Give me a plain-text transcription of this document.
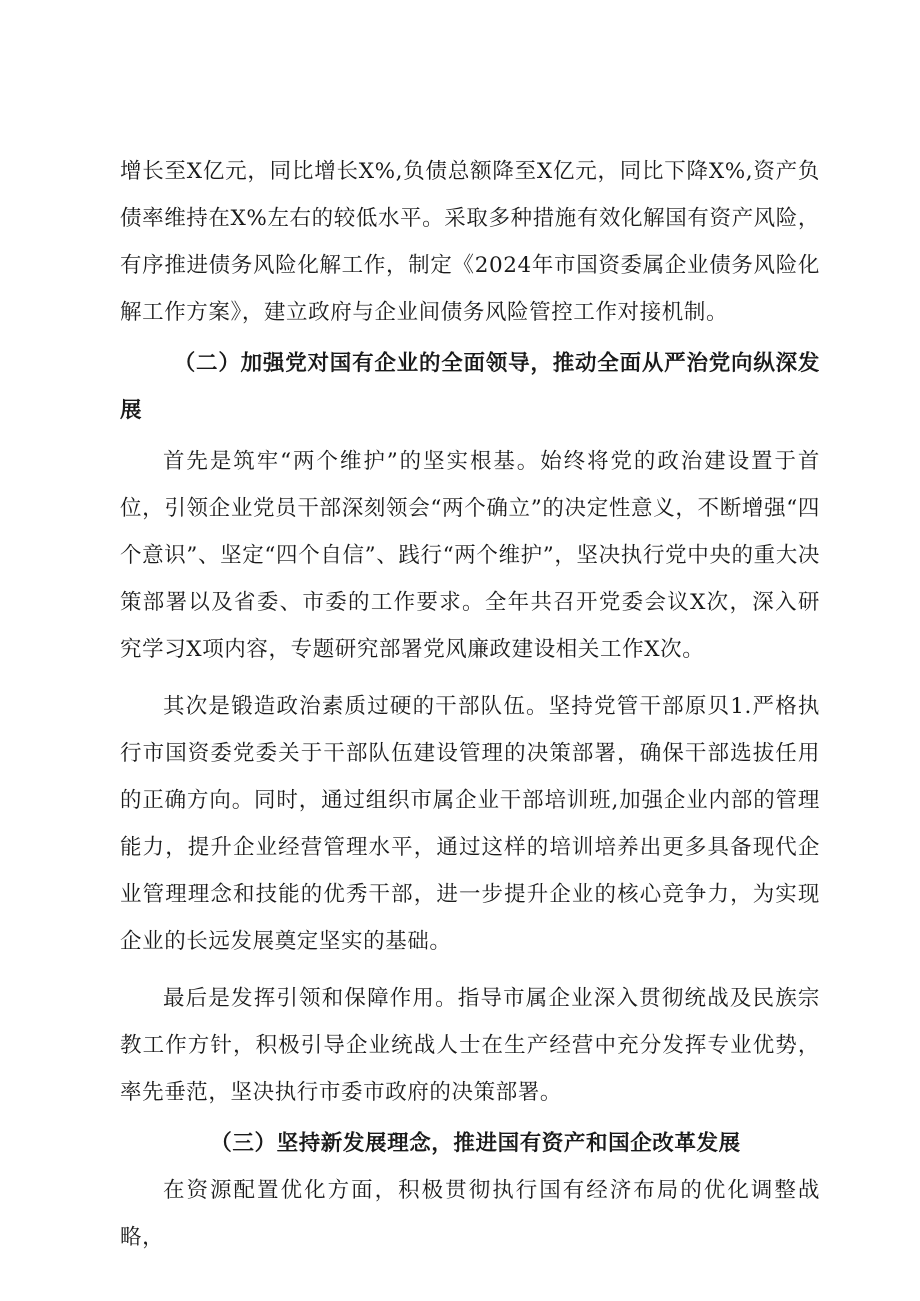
增长至X亿元，同比增长X%,负债总额降至X亿元，同比下降X%,资产负债率维持在X%左右的较低水平。采取多种措施有效化解国有资产风险，有序推进债务风险化解工作，制定《2024年市国资委属企业债务风险化解工作方案》，建立政府与企业间债务风险管控工作对接机制。

（二）加强党对国有企业的全面领导，推动全面从严治党向纵深发展

首先是筑牢“两个维护”的坚实根基。始终将党的政治建设置于首位，引领企业党员干部深刻领会“两个确立”的决定性意义，不断增强“四个意识”、坚定“四个自信”、践行“两个维护”，坚决执行党中央的重大决策部署以及省委、市委的工作要求。全年共召开党委会议X次，深入研究学习X项内容，专题研究部署党风廉政建设相关工作X次。

其次是锻造政治素质过硬的干部队伍。坚持党管干部原贝1.严格执行市国资委党委关于干部队伍建设管理的决策部署，确保干部选拔任用的正确方向。同时，通过组织市属企业干部培训班,加强企业内部的管理能力，提升企业经营管理水平，通过这样的培训培养出更多具备现代企业管理理念和技能的优秀干部，进一步提升企业的核心竞争力，为实现企业的长远发展奠定坚实的基础。

最后是发挥引领和保障作用。指导市属企业深入贯彻统战及民族宗教工作方针，积极引导企业统战人士在生产经营中充分发挥专业优势，率先垂范，坚决执行市委市政府的决策部署。

（三）坚持新发展理念，推进国有资产和国企改革发展

在资源配置优化方面，积极贯彻执行国有经济布局的优化调整战略，
